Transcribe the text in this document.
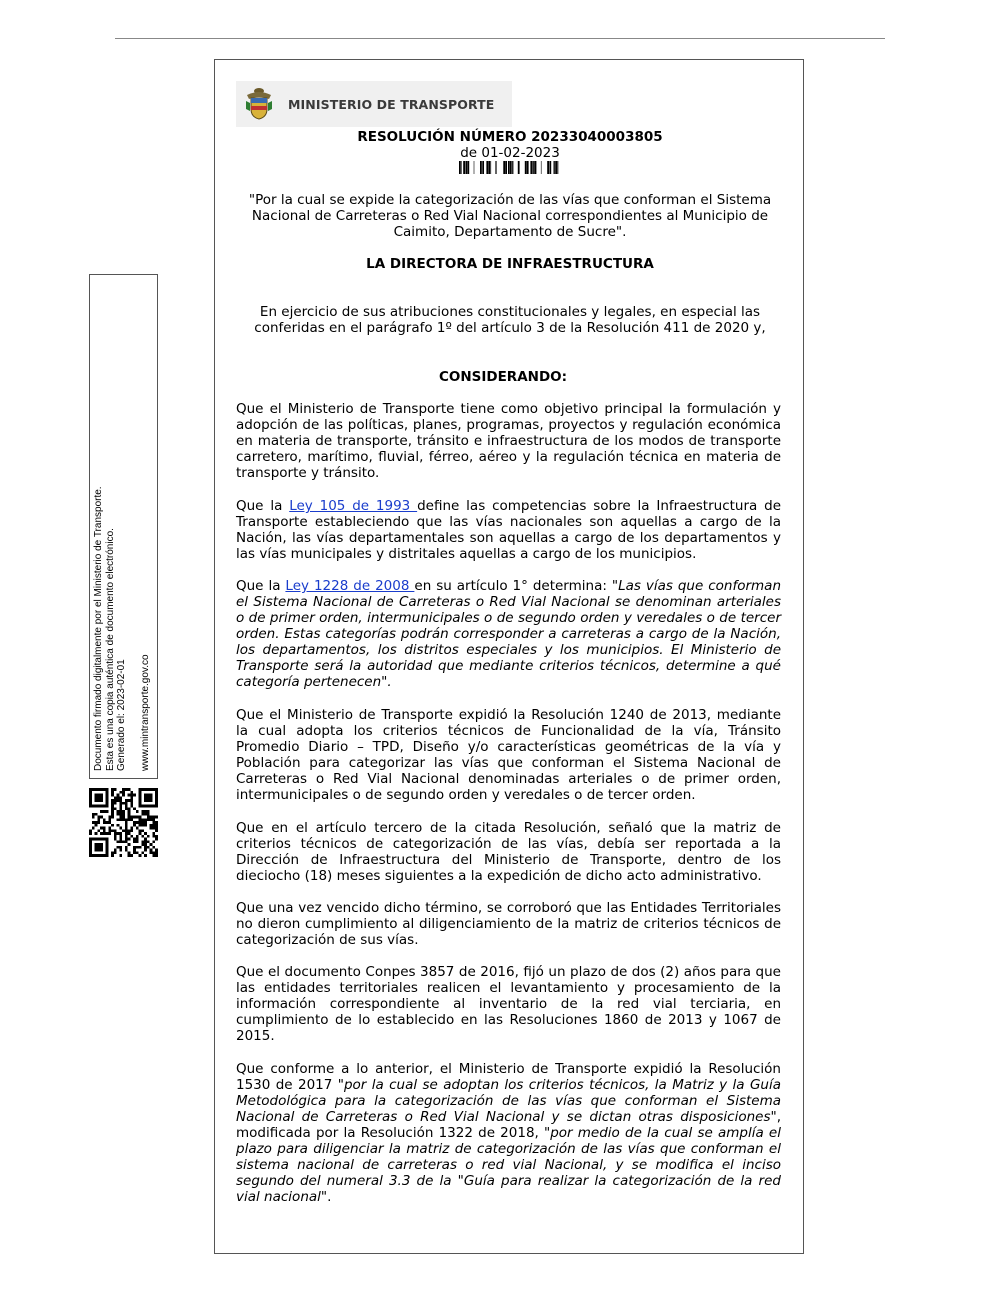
MINISTERIO DE TRANSPORTE
RESOLUCIÓN NÚMERO 20233040003805
de 01-02-2023
"Por la cual se expide la categorización de las vías que conforman el Sistema Nacional de Carreteras o Red Vial Nacional correspondientes al Municipio de Caimito, Departamento de Sucre".
LA DIRECTORA DE INFRAESTRUCTURA
En ejercicio de sus atribuciones constitucionales y legales, en especial las conferidas en el parágrafo 1º del artículo 3 de la Resolución 411 de 2020 y,
CONSIDERANDO:

Que el Ministerio de Transporte tiene como objetivo principal la formulación y adopción de las políticas, planes, programas, proyectos y regulación económica en materia de transporte, tránsito e infraestructura de los modos de transporte carretero, marítimo, fluvial, férreo, aéreo y la regulación técnica en materia de transporte y tránsito.

Que la Ley 105 de 1993 define las competencias sobre la Infraestructura de Transporte estableciendo que las vías nacionales son aquellas a cargo de la Nación, las vías departamentales son aquellas a cargo de los departamentos y las vías municipales y distritales aquellas a cargo de los municipios.

Que la Ley 1228 de 2008 en su artículo 1° determina: "Las vías que conforman el Sistema Nacional de Carreteras o Red Vial Nacional se denominan arteriales o de primer orden, intermunicipales o de segundo orden y veredales o de tercer orden. Estas categorías podrán corresponder a carreteras a cargo de la Nación, los departamentos, los distritos especiales y los municipios. El Ministerio de Transporte será la autoridad que mediante criterios técnicos, determine a qué categoría pertenecen".

Que el Ministerio de Transporte expidió la Resolución 1240 de 2013, mediante la cual adopta los criterios técnicos de Funcionalidad de la vía, Tránsito Promedio Diario – TPD, Diseño y/o características geométricas de la vía y Población para categorizar las vías que conforman el Sistema Nacional de Carreteras o Red Vial Nacional denominadas arteriales o de primer orden, intermunicipales o de segundo orden y veredales o de tercer orden.

Que en el artículo tercero de la citada Resolución, señaló que la matriz de criterios técnicos de categorización de las vías, debía ser reportada a la Dirección de Infraestructura del Ministerio de Transporte, dentro de los dieciocho (18) meses siguientes a la expedición de dicho acto administrativo.

Que una vez vencido dicho término, se corroboró que las Entidades Territoriales no dieron cumplimiento al diligenciamiento de la matriz de criterios técnicos de categorización de sus vías.

Que el documento Conpes 3857 de 2016, fijó un plazo de dos (2) años para que las entidades territoriales realicen el levantamiento y procesamiento de la información correspondiente al inventario de la red vial terciaria, en cumplimiento de lo establecido en las Resoluciones 1860 de 2013 y 1067 de 2015.

Que conforme a lo anterior, el Ministerio de Transporte expidió la Resolución 1530 de 2017 "por la cual se adoptan los criterios técnicos, la Matriz y la Guía Metodológica para la categorización de las vías que conforman el Sistema Nacional de Carreteras o Red Vial Nacional y se dictan otras disposiciones", modificada por la Resolución 1322 de 2018, "por medio de la cual se amplía el plazo para diligenciar la matriz de categorización de las vías que conforman el sistema nacional de carreteras o red vial Nacional, y se modifica el inciso segundo del numeral 3.3 de la "Guía para realizar la categorización de la red vial nacional".

Documento firmado digitalmente por el Ministerio de Transporte. Esta es una copia auténtica de documento electrónico. Generado el: 2023-02-01 www.mintransporte.gov.co
